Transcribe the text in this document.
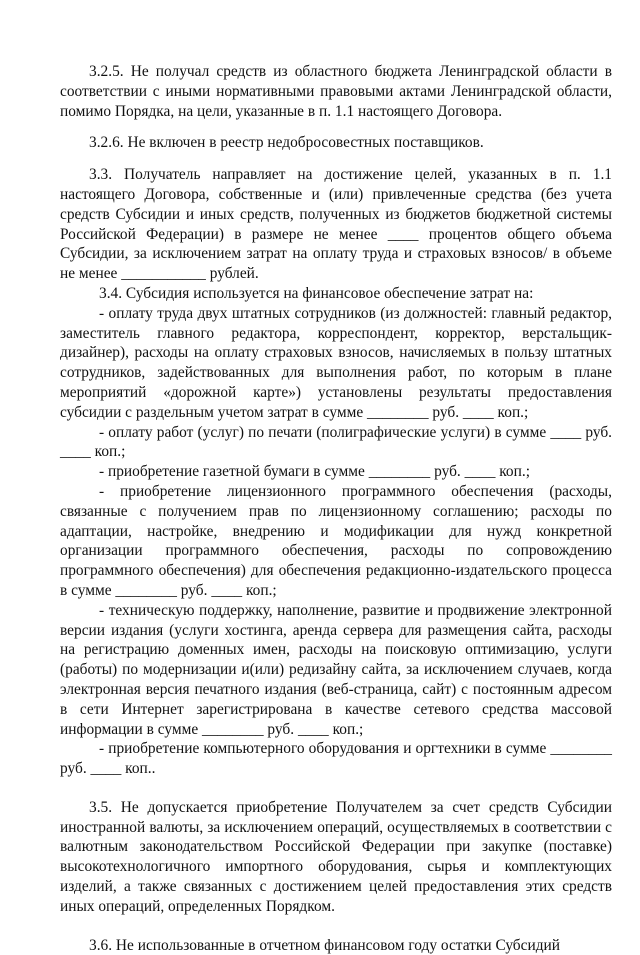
3.2.5. Не получал средств из областного бюджета Ленинградской области в соответствии с иными нормативными правовыми актами Ленинградской области, помимо Порядка, на цели, указанные в п. 1.1 настоящего Договора.

3.2.6. Не включен в реестр недобросовестных поставщиков.

3.3. Получатель направляет на достижение целей, указанных в п. 1.1 настоящего Договора, собственные и (или) привлеченные средства (без учета средств Субсидии и иных средств, полученных из бюджетов бюджетной системы Российской Федерации) в размере не менее ____ процентов общего объема Субсидии, за исключением затрат на оплату труда и страховых взносов/ в объеме не менее ___________ рублей.

3.4. Субсидия используется на финансовое обеспечение затрат на:

- оплату труда двух штатных сотрудников (из должностей: главный редактор, заместитель главного редактора, корреспондент, корректор, верстальщик-дизайнер), расходы на оплату страховых взносов, начисляемых в пользу штатных сотрудников, задействованных для выполнения работ, по которым в плане мероприятий «дорожной карте») установлены результаты предоставления субсидии с раздельным учетом затрат в сумме ________ руб. ____ коп.;

- оплату работ (услуг) по печати (полиграфические услуги) в сумме ____ руб. ____ коп.;

- приобретение газетной бумаги в сумме ________ руб. ____ коп.;

- приобретение лицензионного программного обеспечения (расходы, связанные с получением прав по лицензионному соглашению; расходы по адаптации, настройке, внедрению и модификации для нужд конкретной организации программного обеспечения, расходы по сопровождению программного обеспечения) для обеспечения редакционно-издательского процесса в сумме ________ руб. ____ коп.;

- техническую поддержку, наполнение, развитие и продвижение электронной версии издания (услуги хостинга, аренда сервера для размещения сайта, расходы на регистрацию доменных имен, расходы на поисковую оптимизацию, услуги (работы) по модернизации и(или) редизайну сайта, за исключением случаев, когда электронная версия печатного издания (веб-страница, сайт) с постоянным адресом в сети Интернет зарегистрирована в качестве сетевого средства массовой информации в сумме ________ руб. ____ коп.;

- приобретение компьютерного оборудования и оргтехники в сумме ________ руб. ____ коп..

3.5. Не допускается приобретение Получателем за счет средств Субсидии иностранной валюты, за исключением операций, осуществляемых в соответствии с валютным законодательством Российской Федерации при закупке (поставке) высокотехнологичного импортного оборудования, сырья и комплектующих изделий, а также связанных с достижением целей предоставления этих средств иных операций, определенных Порядком.

3.6. Не использованные в отчетном финансовом году остатки Субсидий
